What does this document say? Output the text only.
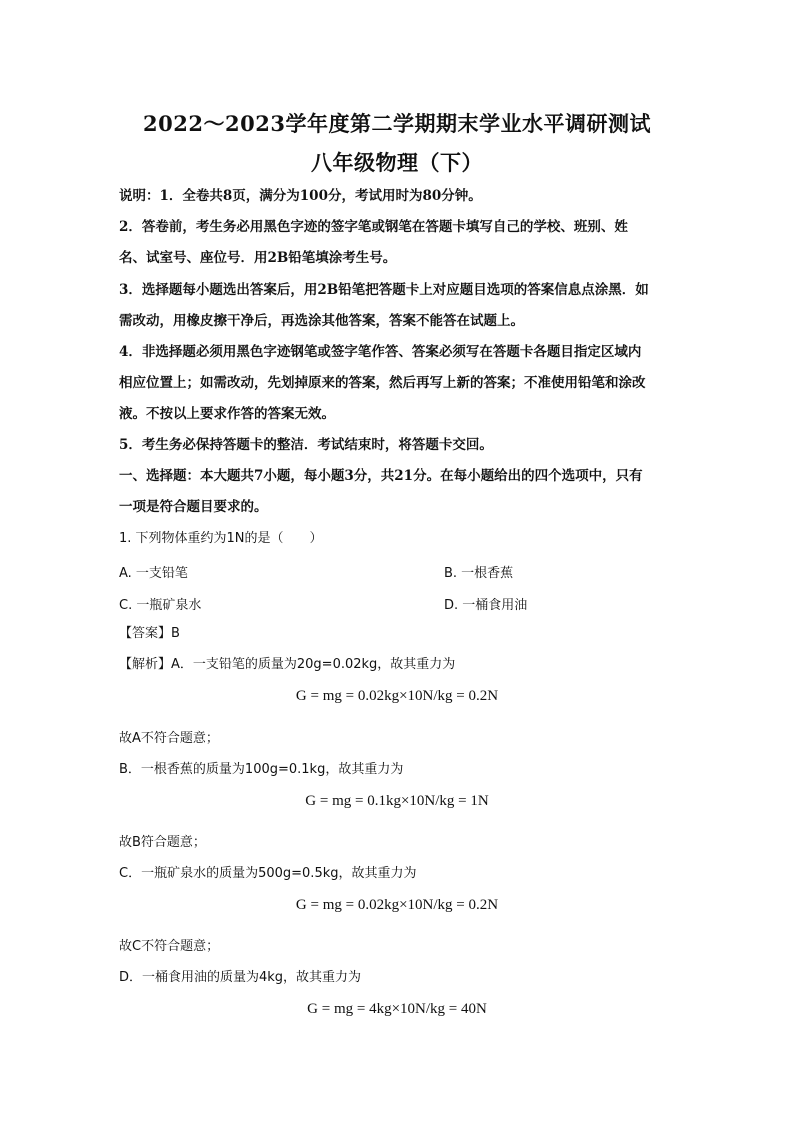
2022～2023学年度第二学期期末学业水平调研测试
八年级物理（下）
说明：1．全卷共8页，满分为100分，考试用时为80分钟。
2．答卷前，考生务必用黑色字迹的签字笔或钢笔在答题卡填写自己的学校、班别、姓
名、试室号、座位号．用2B铅笔填涂考生号。
3．选择题每小题选出答案后，用2B铅笔把答题卡上对应题目选项的答案信息点涂黑．如
需改动，用橡皮擦干净后，再选涂其他答案，答案不能答在试题上。
4．非选择题必须用黑色字迹钢笔或签字笔作答、答案必须写在答题卡各题目指定区域内
相应位置上；如需改动，先划掉原来的答案，然后再写上新的答案；不准使用铅笔和涂改
液。不按以上要求作答的答案无效。
5．考生务必保持答题卡的整洁．考试结束时，将答题卡交回。
一、选择题：本大题共7小题，每小题3分，共21分。在每小题给出的四个选项中，只有
一项是符合题目要求的。
1. 下列物体重约为1N的是（　　）
A. 一支铅笔	B. 一根香蕉
C. 一瓶矿泉水	D. 一桶食用油
【答案】B
【解析】A．一支铅笔的质量为20g=0.02kg，故其重力为
G = mg = 0.02kg×10N/kg = 0.2N
故A不符合题意；
B．一根香蕉的质量为100g=0.1kg，故其重力为
G = mg = 0.1kg×10N/kg = 1N
故B符合题意；
C．一瓶矿泉水的质量为500g=0.5kg，故其重力为
G = mg = 0.02kg×10N/kg = 0.2N
故C不符合题意；
D．一桶食用油的质量为4kg，故其重力为
G = mg = 4kg×10N/kg = 40N
